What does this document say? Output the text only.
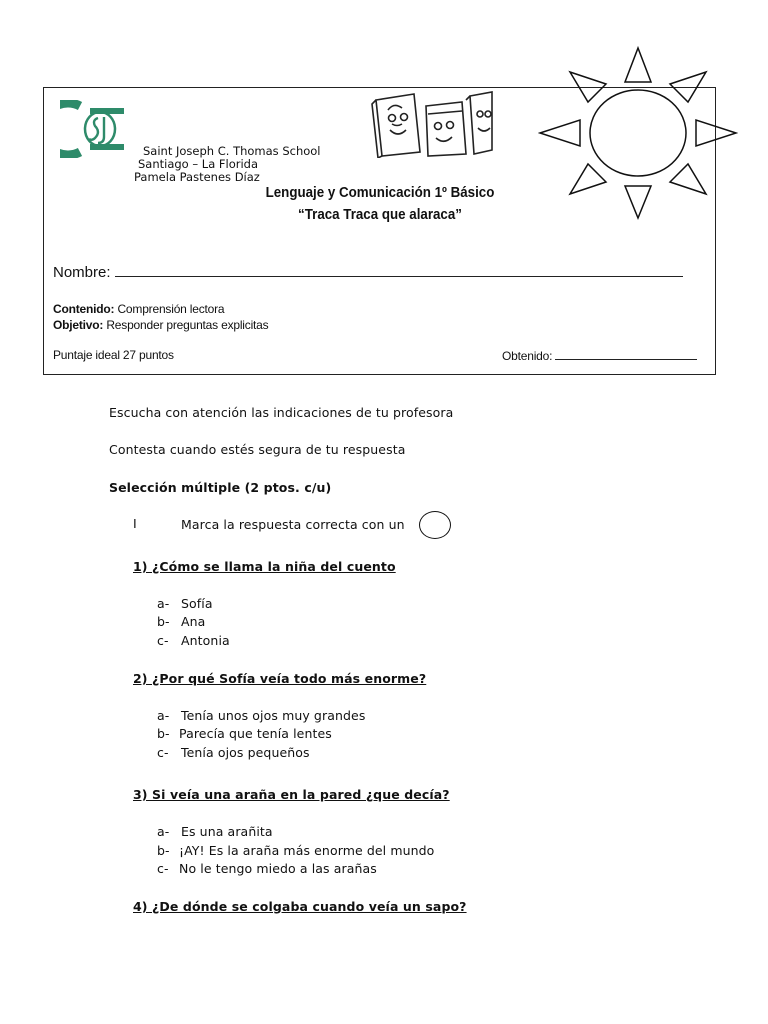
Saint Joseph C. Thomas School
Santiago – La Florida
Pamela Pastenes Díaz
Lenguaje y Comunicación 1º Básico
“Traca Traca que alaraca”
Nombre:
Contenido: Comprensión lectora
Objetivo: Responder preguntas explicitas
Puntaje ideal 27 puntos	Obtenido:
Escucha con atención las indicaciones de tu profesora
Contesta cuando estés segura de tu respuesta
Selección múltiple (2 ptos. c/u)
I	Marca la respuesta correcta con un
1) ¿Cómo se llama la niña del cuento
a- Sofía
b- Ana
c- Antonia
2) ¿Por qué Sofía veía todo más enorme?
a- Tenía unos ojos muy grandes
b- Parecía que tenía lentes
c- Tenía ojos pequeños
3) Si veía una araña en la pared ¿que decía?
a- Es una arañita
b- ¡AY! Es la araña más enorme del mundo
c- No le tengo miedo a las arañas
4) ¿De dónde se colgaba cuando veía un sapo?
